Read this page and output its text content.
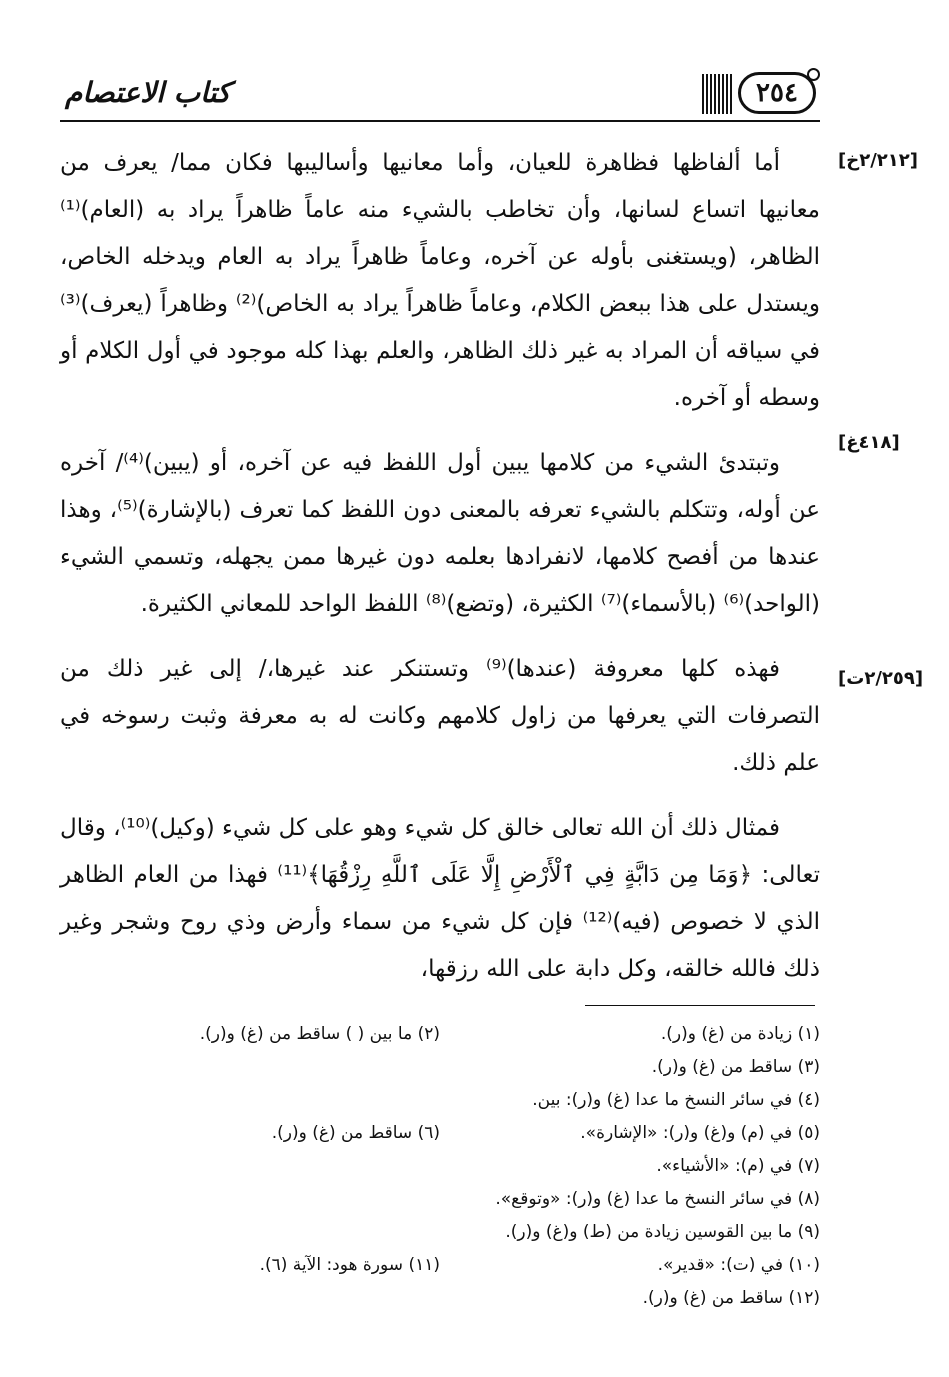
كتاب الاعتصام	٢٥٤
[٢/٢١٢خ]
[٤١٨غ]
[٢/٢٥٩ت]

أما ألفاظها فظاهرة للعيان، وأما معانيها وأساليبها فكان مما/ يعرف من معانيها اتساع لسانها، وأن تخاطب بالشيء منه عاماً ظاهراً يراد به (العام)⁽¹⁾ الظاهر، (ويستغنى بأوله عن آخره، وعاماً ظاهراً يراد به العام ويدخله الخاص، ويستدل على هذا ببعض الكلام، وعاماً ظاهراً يراد به الخاص)⁽²⁾ وظاهراً (يعرف)⁽³⁾ في سياقه أن المراد به غير ذلك الظاهر، والعلم بهذا كله موجود في أول الكلام أو وسطه أو آخره.

وتبتدئ الشيء من كلامها يبين أول اللفظ فيه عن آخره، أو (يبين)⁽⁴⁾/ آخره عن أوله، وتتكلم بالشيء تعرفه بالمعنى دون اللفظ كما تعرف (بالإشارة)⁽⁵⁾، وهذا عندها من أفصح كلامها، لانفرادها بعلمه دون غيرها ممن يجهله، وتسمي الشيء (الواحد)⁽⁶⁾ (بالأسماء)⁽⁷⁾ الكثيرة، (وتضع)⁽⁸⁾ اللفظ الواحد للمعاني الكثيرة.

فهذه كلها معروفة (عندها)⁽⁹⁾ وتستنكر عند غيرها،/ إلى غير ذلك من التصرفات التي يعرفها من زاول كلامهم وكانت له به معرفة وثبت رسوخه في علم ذلك.

فمثال ذلك أن الله تعالى خالق كل شيء وهو على كل شيء (وكيل)⁽¹⁰⁾، وقال تعالى: ﴿وَمَا مِن دَابَّةٍ فِي ٱلْأَرْضِ إِلَّا عَلَى ٱللَّهِ رِزْقُهَا﴾⁽¹¹⁾ فهذا من العام الظاهر الذي لا خصوص (فيه)⁽¹²⁾ فإن كل شيء من سماء وأرض وذي روح وشجر وغير ذلك فالله خالقه، وكل دابة على الله رزقها،

(١) زيادة من (غ) و(ر).
(٢) ما بين ( ) ساقط من (غ) و(ر).
(٣) ساقط من (غ) و(ر).
(٤) في سائر النسخ ما عدا (غ) و(ر): بين.
(٥) في (م) و(غ) و(ر): «الإشارة».
(٦) ساقط من (غ) و(ر).
(٧) في (م): «الأشياء».
(٨) في سائر النسخ ما عدا (غ) و(ر): «وتوقع».
(٩) ما بين القوسين زيادة من (ط) و(غ) و(ر).
(١٠) في (ت): «قدير».
(١١) سورة هود: الآية (٦).
(١٢) ساقط من (غ) و(ر).
